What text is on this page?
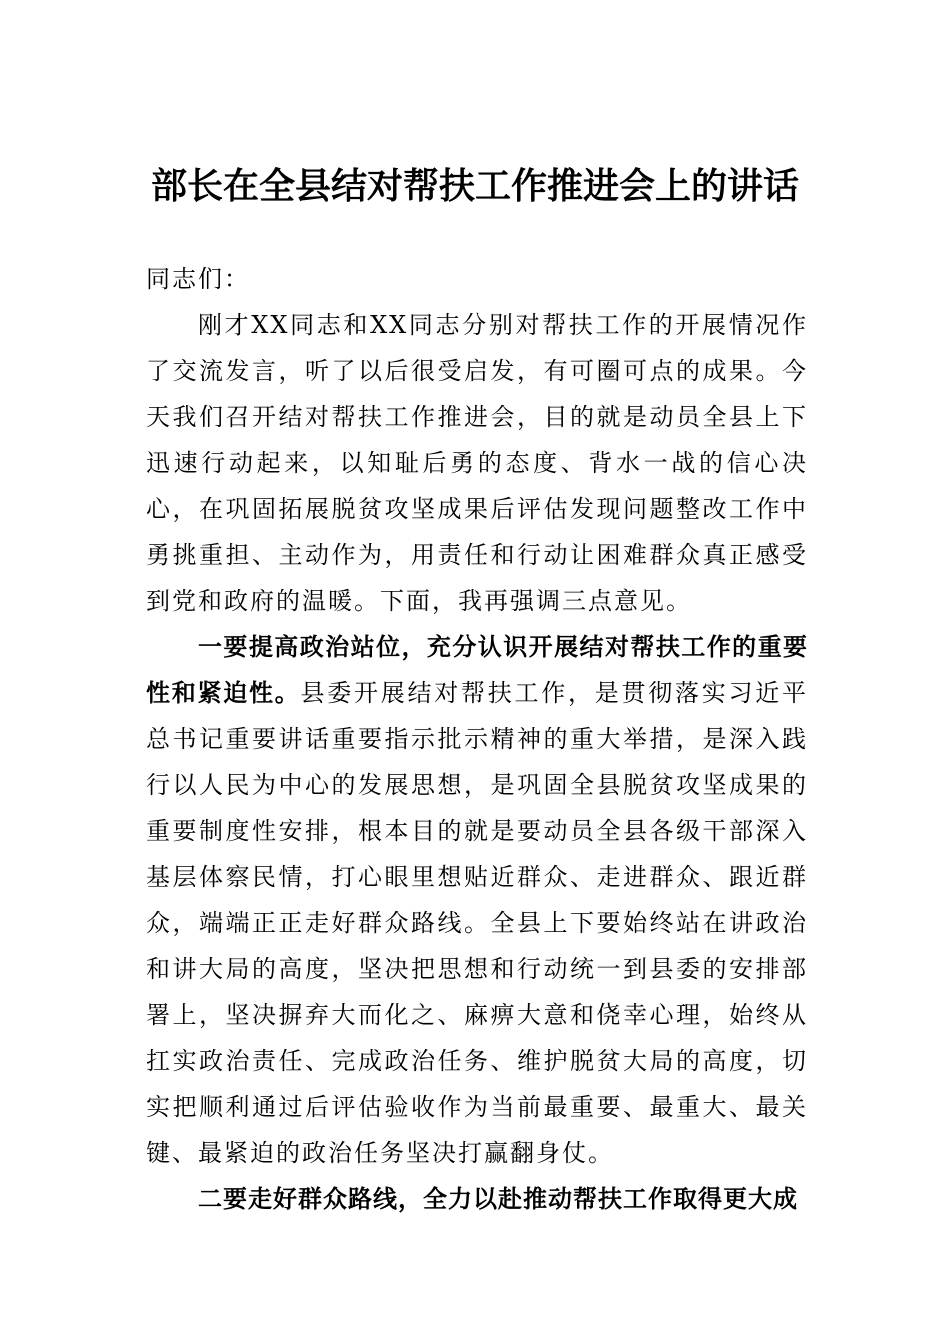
部长在全县结对帮扶工作推进会上的讲话

同志们：

刚才XX同志和XX同志分别对帮扶工作的开展情况作了交流发言，听了以后很受启发，有可圈可点的成果。今天我们召开结对帮扶工作推进会，目的就是动员全县上下迅速行动起来，以知耻后勇的态度、背水一战的信心决心，在巩固拓展脱贫攻坚成果后评估发现问题整改工作中勇挑重担、主动作为，用责任和行动让困难群众真正感受到党和政府的温暖。下面，我再强调三点意见。

一要提高政治站位，充分认识开展结对帮扶工作的重要性和紧迫性。县委开展结对帮扶工作，是贯彻落实习近平总书记重要讲话重要指示批示精神的重大举措，是深入践行以人民为中心的发展思想，是巩固全县脱贫攻坚成果的重要制度性安排，根本目的就是要动员全县各级干部深入基层体察民情，打心眼里想贴近群众、走进群众、跟近群众，端端正正走好群众路线。全县上下要始终站在讲政治和讲大局的高度，坚决把思想和行动统一到县委的安排部署上，坚决摒弃大而化之、麻痹大意和侥幸心理，始终从扛实政治责任、完成政治任务、维护脱贫大局的高度，切实把顺利通过后评估验收作为当前最重要、最重大、最关键、最紧迫的政治任务坚决打赢翻身仗。

二要走好群众路线，全力以赴推动帮扶工作取得更大成
